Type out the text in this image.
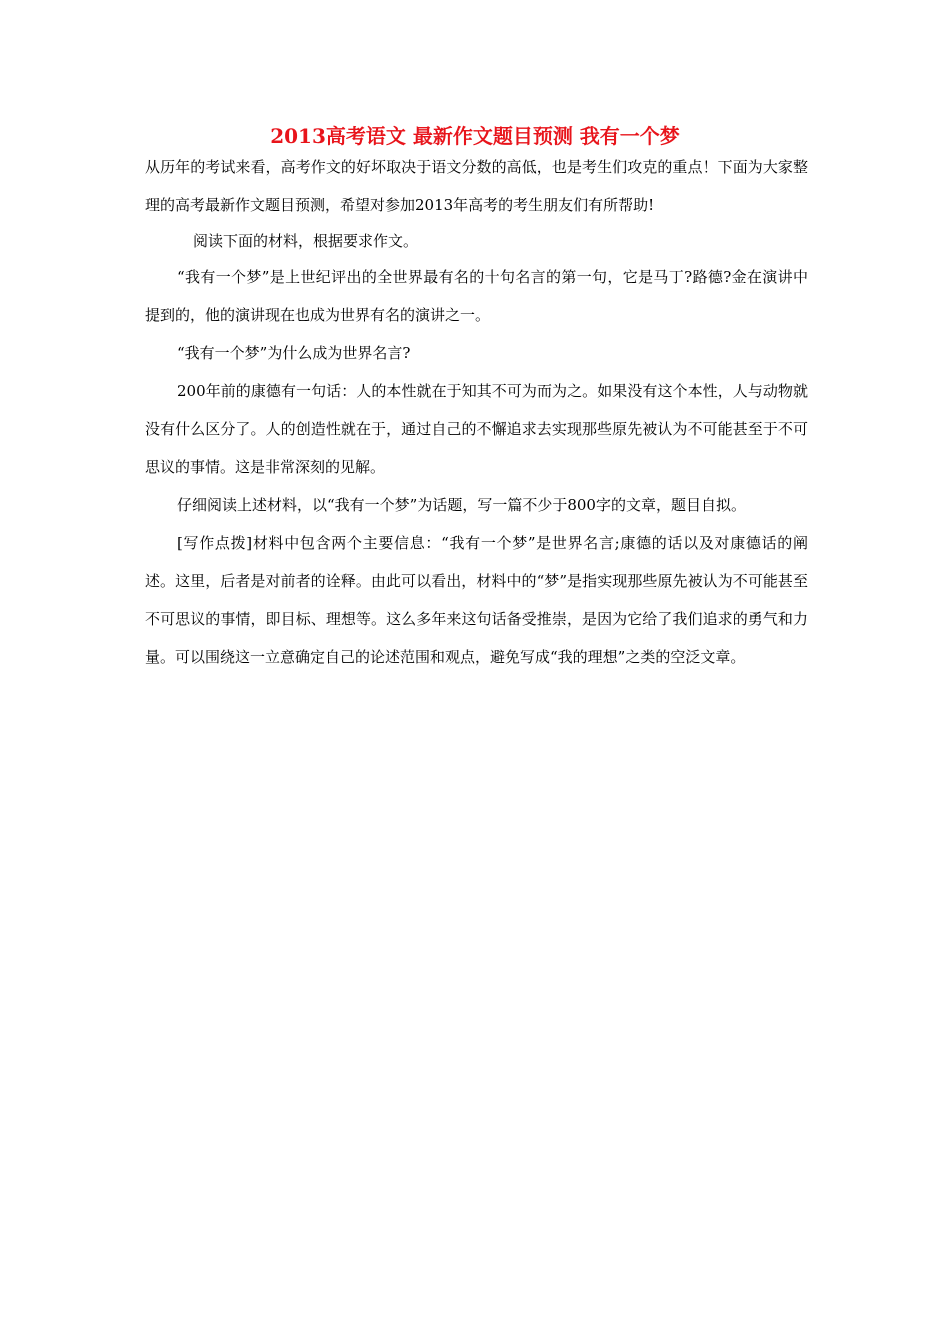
2013高考语文 最新作文题目预测 我有一个梦

从历年的考试来看，高考作文的好坏取决于语文分数的高低，也是考生们攻克的重点！下面为大家整理的高考最新作文题目预测，希望对参加2013年高考的考生朋友们有所帮助!

阅读下面的材料，根据要求作文。

“我有一个梦”是上世纪评出的全世界最有名的十句名言的第一句，它是马丁?路德?金在演讲中提到的，他的演讲现在也成为世界有名的演讲之一。

“我有一个梦”为什么成为世界名言?

200年前的康德有一句话：人的本性就在于知其不可为而为之。如果没有这个本性，人与动物就没有什么区分了。人的创造性就在于，通过自己的不懈追求去实现那些原先被认为不可能甚至于不可思议的事情。这是非常深刻的见解。

仔细阅读上述材料，以“我有一个梦”为话题，写一篇不少于800字的文章，题目自拟。

[写作点拨]材料中包含两个主要信息：“我有一个梦”是世界名言;康德的话以及对康德话的阐述。这里，后者是对前者的诠释。由此可以看出，材料中的“梦”是指实现那些原先被认为不可能甚至不可思议的事情，即目标、理想等。这么多年来这句话备受推崇，是因为它给了我们追求的勇气和力量。可以围绕这一立意确定自己的论述范围和观点，避免写成“我的理想”之类的空泛文章。
